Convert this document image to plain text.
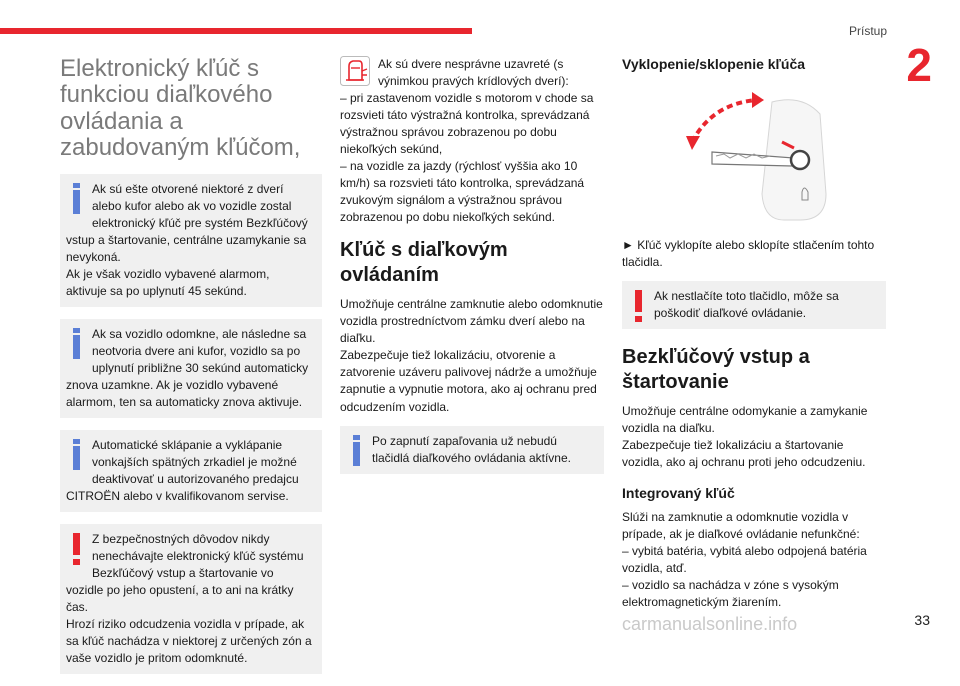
Prístup
2
carmanualsonline.info	33
Elektronický kľúč s funkciou diaľkového ovládania a zabudovaným kľúčom,
Ak sú ešte otvorené niektoré z dverí alebo kufor alebo ak vo vozidle zostal elektronický kľúč pre systém Bezkľúčový vstup a štartovanie, centrálne uzamykanie sa nevykoná.
Ak je však vozidlo vybavené alarmom, aktivuje sa po uplynutí 45 sekúnd.
Ak sa vozidlo odomkne, ale následne sa neotvoria dvere ani kufor, vozidlo sa po uplynutí približne 30 sekúnd automaticky znova uzamkne. Ak je vozidlo vybavené alarmom, ten sa automaticky znova aktivuje.
Automatické sklápanie a vyklápanie vonkajších spätných zrkadiel je možné deaktivovať u autorizovaného predajcu CITROËN alebo v kvalifikovanom servise.
Z bezpečnostných dôvodov nikdy nenechávajte elektronický kľúč systému Bezkľúčový vstup a štartovanie vo vozidle po jeho opustení, a to ani na krátky čas.
Hrozí riziko odcudzenia vozidla v prípade, ak sa kľúč nachádza v niektorej z určených zón a vaše vozidlo je pritom odomknuté.
Ak sú dvere nesprávne uzavreté (s výnimkou pravých krídlových dverí):
– pri zastavenom vozidle s motorom v chode sa rozsvieti táto výstražná kontrolka, sprevádzaná výstražnou správou zobrazenou po dobu niekoľkých sekúnd,
– na vozidle za jazdy (rýchlosť vyššia ako 10 km/h) sa rozsvieti táto kontrolka, sprevádzaná zvukovým signálom a výstražnou správou zobrazenou po dobu niekoľkých sekúnd.
Kľúč s diaľkovým ovládaním

Umožňuje centrálne zamknutie alebo odomknutie vozidla prostredníctvom zámku dverí alebo na diaľku.
Zabezpečuje tiež lokalizáciu, otvorenie a zatvorenie uzáveru palivovej nádrže a umožňuje zapnutie a vypnutie motora, ako aj ochranu pred odcudzením vozidla.

Po zapnutí zapaľovania už nebudú tlačidlá diaľkového ovládania aktívne.
Vyklopenie/sklopenie kľúča

► Kľúč vyklopíte alebo sklopíte stlačením tohto tlačidla.

Ak nestlačíte toto tlačidlo, môže sa poškodiť diaľkové ovládanie.
Bezkľúčový vstup a štartovanie

Umožňuje centrálne odomykanie a zamykanie vozidla na diaľku.
Zabezpečuje tiež lokalizáciu a štartovanie vozidla, ako aj ochranu proti jeho odcudzeniu.

Integrovaný kľúč

Slúži na zamknutie a odomknutie vozidla v prípade, ak je diaľkové ovládanie nefunkčné:
– vybitá batéria, vybitá alebo odpojená batéria vozidla, atď.
– vozidlo sa nachádza v zóne s vysokým elektromagnetickým žiarením.
